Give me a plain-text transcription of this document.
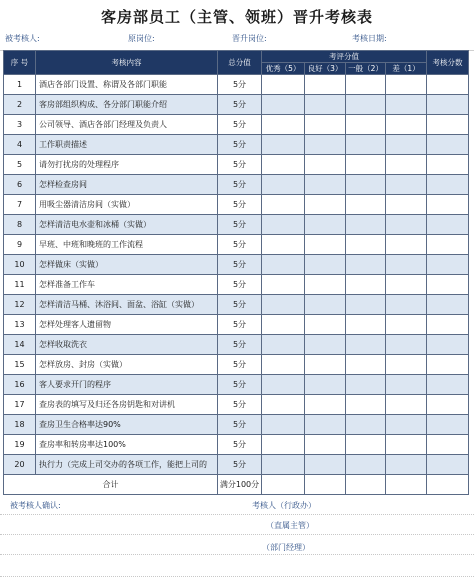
客房部员工（主管、领班）晋升考核表
被考核人:	原岗位:	晋升岗位:	考核日期:
序 号	考核内容	总分值	考评分值				考核分数
			优秀（5）	良好（3）	一般（2）	差（1）	
1	酒店各部门设置、称谓及各部门职能	5分					
2	客房部组织构成、各分部门职能介绍	5分					
3	公司领导、酒店各部门经理及负责人	5分					
4	工作职责描述	5分					
5	请勿打扰房的处理程序	5分					
6	怎样检查房间	5分					
7	用吸尘器清洁房间（实做）	5分					
8	怎样清洁电水壶和冰桶（实做）	5分					
9	早班、中班和晚班的工作流程	5分					
10	怎样做床（实做）	5分					
11	怎样准备工作车	5分					
12	怎样清洁马桶、沐浴间、面盆、浴缸（实做）	5分					
13	怎样处理客人遗留物	5分					
14	怎样收取洗衣	5分					
15	怎样放房、封房（实做）	5分					
16	客人要求开门的程序	5分					
17	查房表的填写及归还各房钥匙和对讲机	5分					
18	查房卫生合格率达90%	5分					
19	查房率和转房率达100%	5分					
20	执行力（完成上司交办的各项工作，能把上司的	5分					
合计		满分100分					
被考核人确认:	考核人（行政办）
（直属主管）
（部门经理）
